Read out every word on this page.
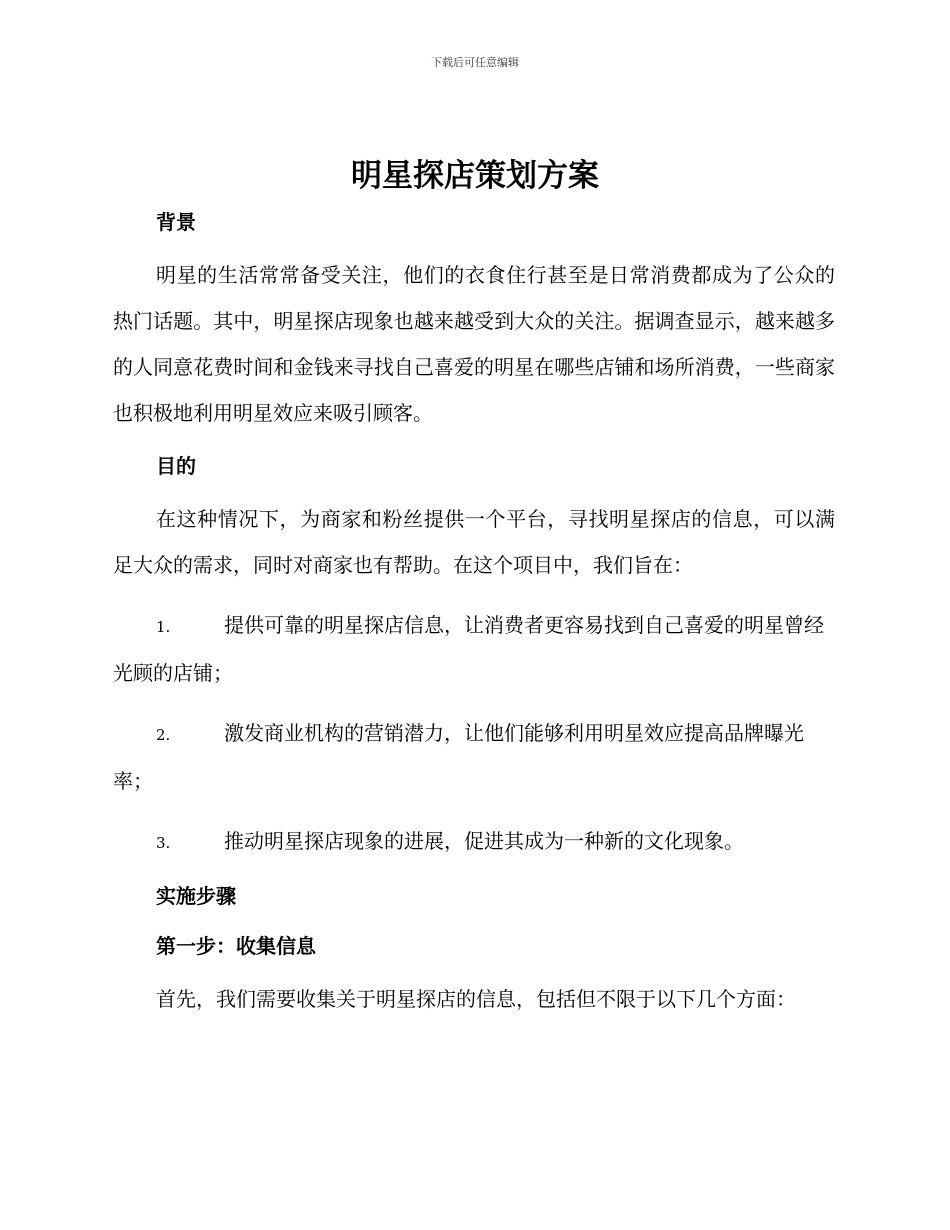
下载后可任意编辑
明星探店策划方案
背景

明星的生活常常备受关注，他们的衣食住行甚至是日常消费都成为了公众的热门话题。其中，明星探店现象也越来越受到大众的关注。据调查显示，越来越多的人同意花费时间和金钱来寻找自己喜爱的明星在哪些店铺和场所消费，一些商家也积极地利用明星效应来吸引顾客。

目的

在这种情况下，为商家和粉丝提供一个平台，寻找明星探店的信息，可以满足大众的需求，同时对商家也有帮助。在这个项目中，我们旨在：

1.	提供可靠的明星探店信息，让消费者更容易找到自己喜爱的明星曾经光顾的店铺；

2.	激发商业机构的营销潜力，让他们能够利用明星效应提高品牌曝光率；

3.	推动明星探店现象的进展，促进其成为一种新的文化现象。

实施步骤
第一步：收集信息

首先，我们需要收集关于明星探店的信息，包括但不限于以下几个方面：
